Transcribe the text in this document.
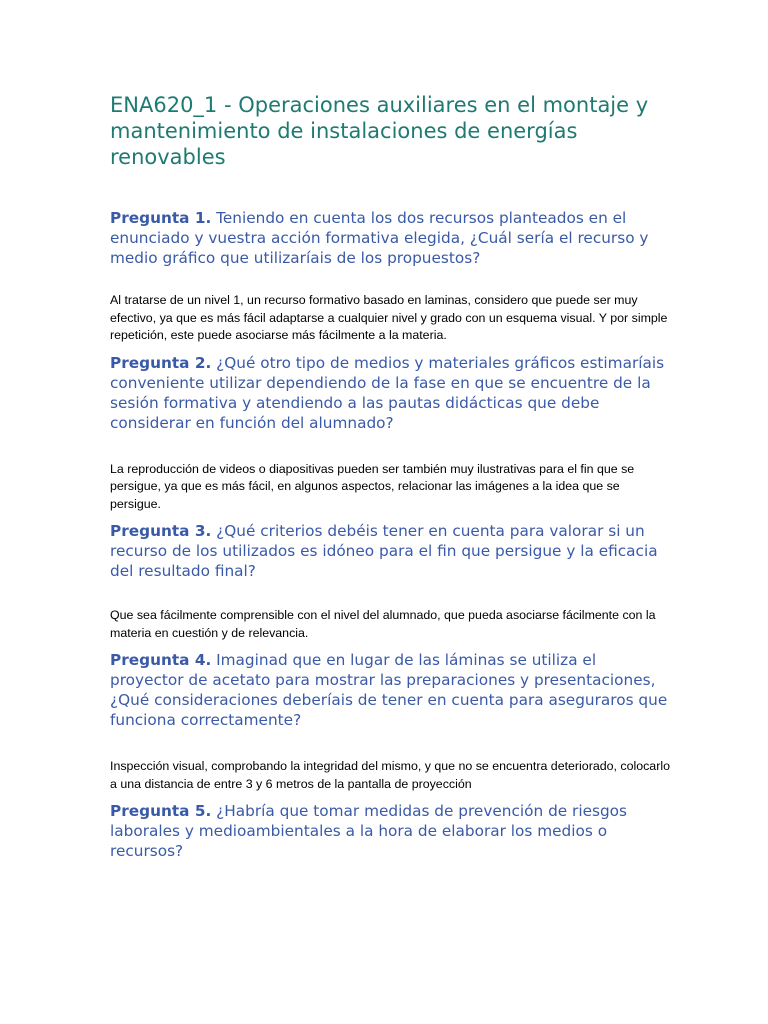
ENA620_1 - Operaciones auxiliares en el montaje y mantenimiento de instalaciones de energías renovables

Pregunta 1. Teniendo en cuenta los dos recursos planteados en el enunciado y vuestra acción formativa elegida, ¿Cuál sería el recurso y medio gráfico que utilizaríais de los propuestos?

Al tratarse de un nivel 1, un recurso formativo basado en laminas, considero que puede ser muy efectivo, ya que es más fácil adaptarse a cualquier nivel y grado con un esquema visual. Y por simple repetición, este puede asociarse más fácilmente a la materia.

Pregunta 2. ¿Qué otro tipo de medios y materiales gráficos estimaríais conveniente utilizar dependiendo de la fase en que se encuentre de la sesión formativa y atendiendo a las pautas didácticas que debe considerar en función del alumnado?

La reproducción de videos o diapositivas pueden ser también muy ilustrativas para el fin que se persigue, ya que es más fácil, en algunos aspectos, relacionar las imágenes a la idea que se persigue.

Pregunta 3. ¿Qué criterios debéis tener en cuenta para valorar si un recurso de los utilizados es idóneo para el fin que persigue y la eficacia del resultado final?

Que sea fácilmente comprensible con el nivel del alumnado, que pueda asociarse fácilmente con la materia en cuestión y de relevancia.

Pregunta 4. Imaginad que en lugar de las láminas se utiliza el proyector de acetato para mostrar las preparaciones y presentaciones, ¿Qué consideraciones deberíais de tener en cuenta para aseguraros que funciona correctamente?

Inspección visual, comprobando la integridad del mismo, y que no se encuentra deteriorado, colocarlo a una distancia de entre 3 y 6 metros de la pantalla de proyección

Pregunta 5. ¿Habría que tomar medidas de prevención de riesgos laborales y medioambientales a la hora de elaborar los medios o recursos?
